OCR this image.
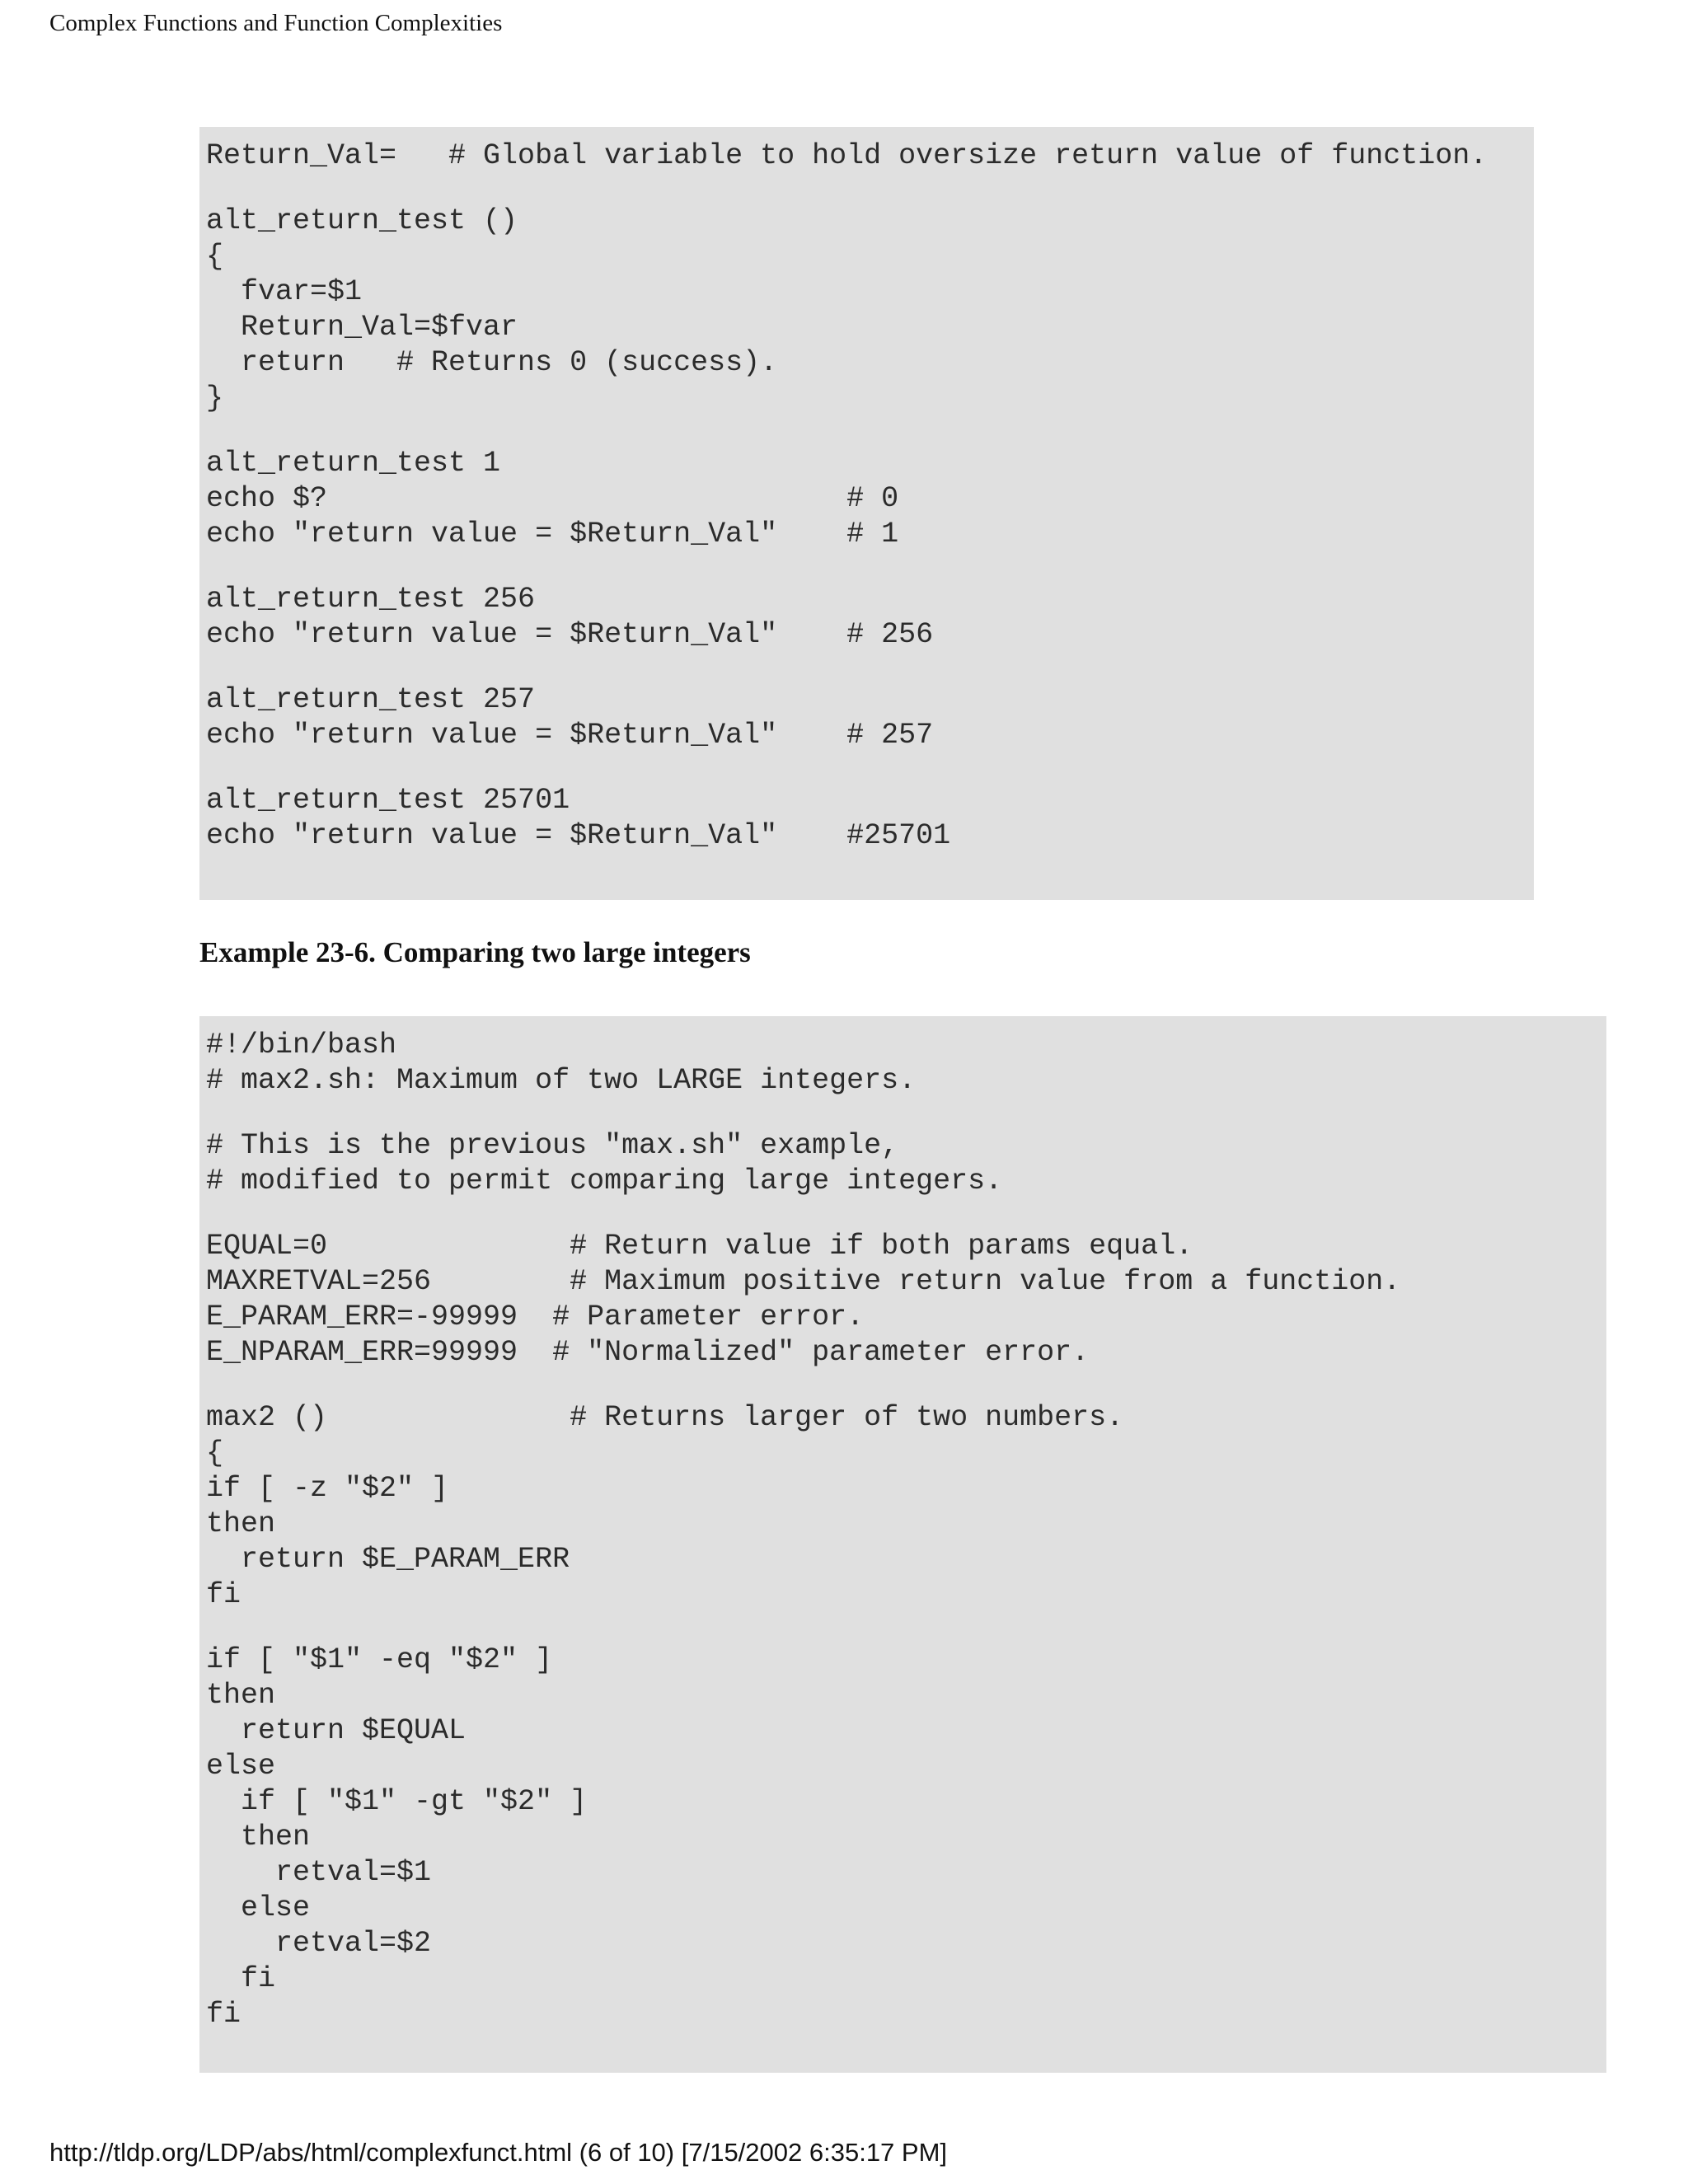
Complex Functions and Function Complexities
Return_Val=   # Global variable to hold oversize return value of function.
alt_return_test ()
{
fvar=$1
Return_Val=$fvar
return   # Returns 0 (success).
}
alt_return_test 1
echo $?                              # 0
echo "return value = $Return_Val"    # 1
alt_return_test 256
echo "return value = $Return_Val"    # 256
alt_return_test 257
echo "return value = $Return_Val"    # 257
alt_return_test 25701
echo "return value = $Return_Val"    #25701
Example 23-6. Comparing two large integers
#!/bin/bash
# max2.sh: Maximum of two LARGE integers.
# This is the previous "max.sh" example,
# modified to permit comparing large integers.
EQUAL=0              # Return value if both params equal.
MAXRETVAL=256        # Maximum positive return value from a function.
E_PARAM_ERR=-99999  # Parameter error.
E_NPARAM_ERR=99999  # "Normalized" parameter error.
max2 ()              # Returns larger of two numbers.
{
if [ -z "$2" ]
then
return $E_PARAM_ERR
fi
if [ "$1" -eq "$2" ]
then
return $EQUAL
else
if [ "$1" -gt "$2" ]
then
retval=$1
else
retval=$2
fi
fi
http://tldp.org/LDP/abs/html/complexfunct.html (6 of 10) [7/15/2002 6:35:17 PM]
